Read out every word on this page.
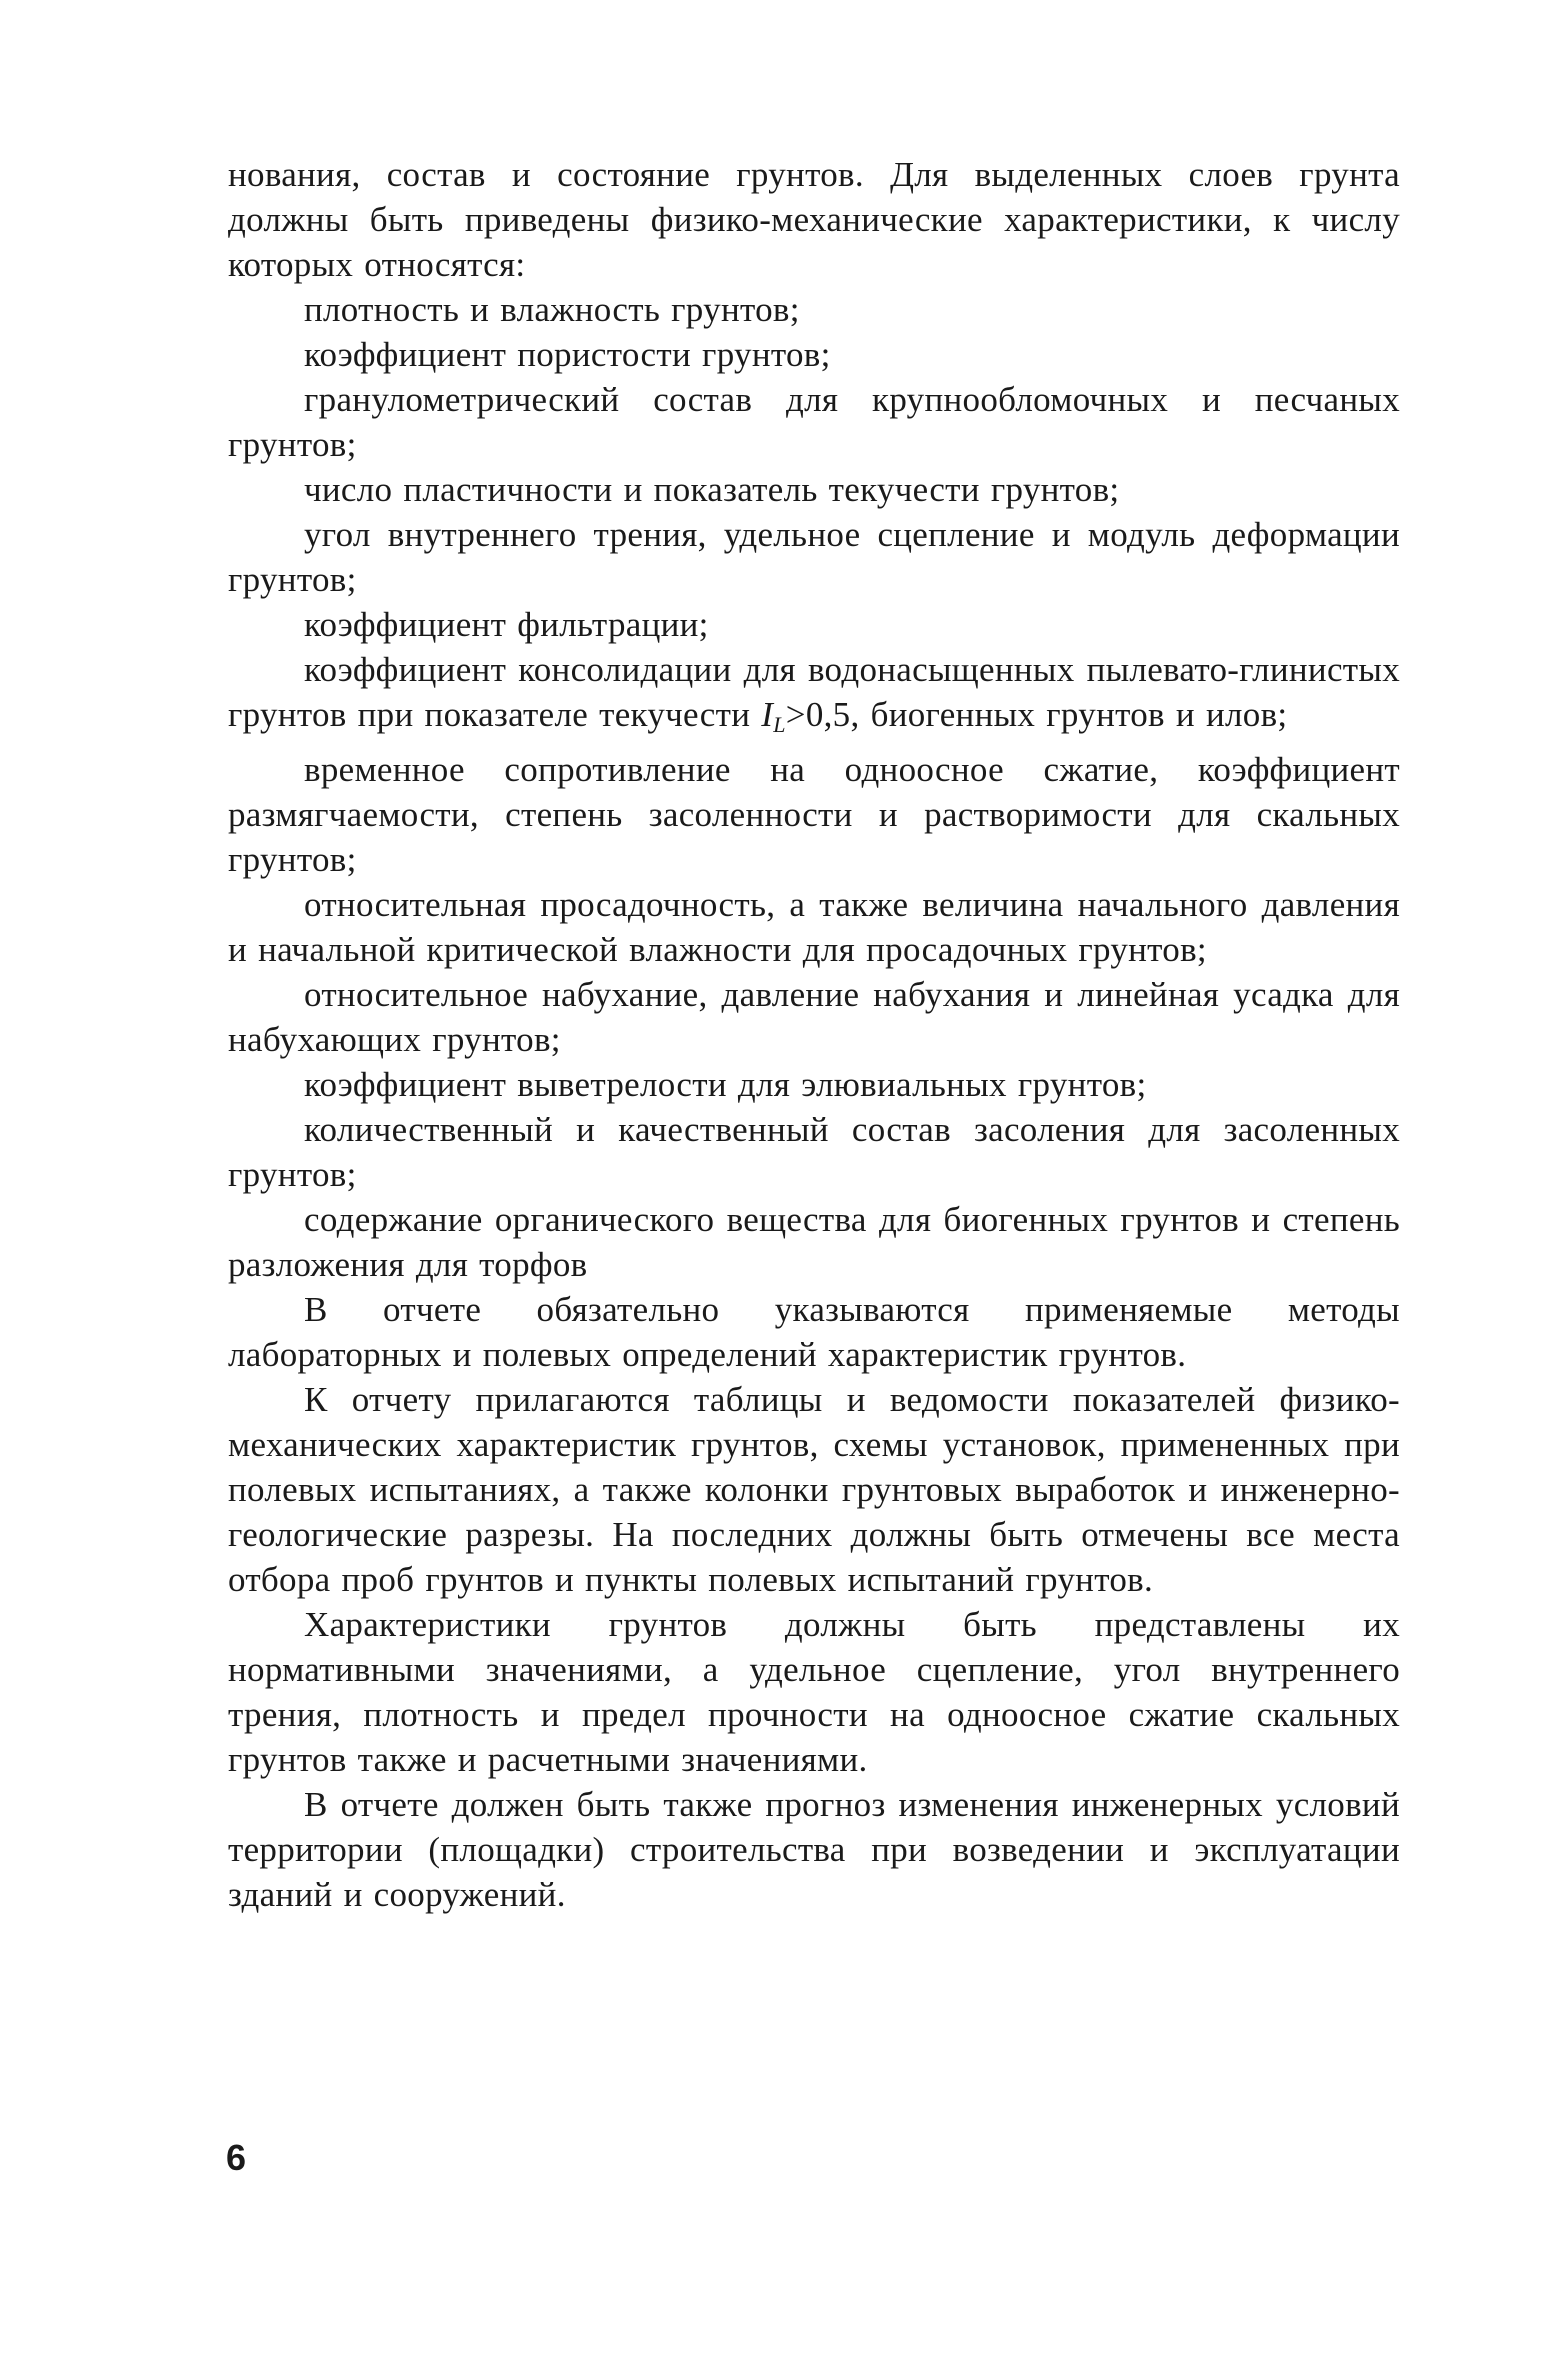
нования, состав и состояние грунтов. Для выделенных слоев грунта должны быть приведены физико-механические характеристики, к числу которых относятся:

плотность и влажность грунтов;

коэффициент пористости грунтов;

гранулометрический состав для крупнообломочных и песчаных грунтов;

число пластичности и показатель текучести грунтов;

угол внутреннего трения, удельное сцепление и модуль деформации грунтов;

коэффициент фильтрации;

коэффициент консолидации для водонасыщенных пылевато-глинистых грунтов при показателе текучести $I_L>0,5$, биогенных грунтов и илов;

временное сопротивление на одноосное сжатие, коэффициент размягчаемости, степень засоленности и растворимости для скальных грунтов;

относительная просадочность, а также величина начального давления и начальной критической влажности для просадочных грунтов;

относительное набухание, давление набухания и линейная усадка для набухающих грунтов;

коэффициент выветрелости для элювиальных грунтов;

количественный и качественный состав засоления для засоленных грунтов;

содержание органического вещества для биогенных грунтов и степень разложения для торфов

В отчете обязательно указываются применяемые методы лабораторных и полевых определений характеристик грунтов.

К отчету прилагаются таблицы и ведомости показателей физико-механических характеристик грунтов, схемы установок, примененных при полевых испытаниях, а также колонки грунтовых выработок и инженерно-геологические разрезы. На последних должны быть отмечены все места отбора проб грунтов и пункты полевых испытаний грунтов.

Характеристики грунтов должны быть представлены их нормативными значениями, а удельное сцепление, угол внутреннего трения, плотность и предел прочности на одноосное сжатие скальных грунтов также и расчетными значениями.

В отчете должен быть также прогноз изменения инженерных условий территории (площадки) строительства при возведении и эксплуатации зданий и сооружений.

6
